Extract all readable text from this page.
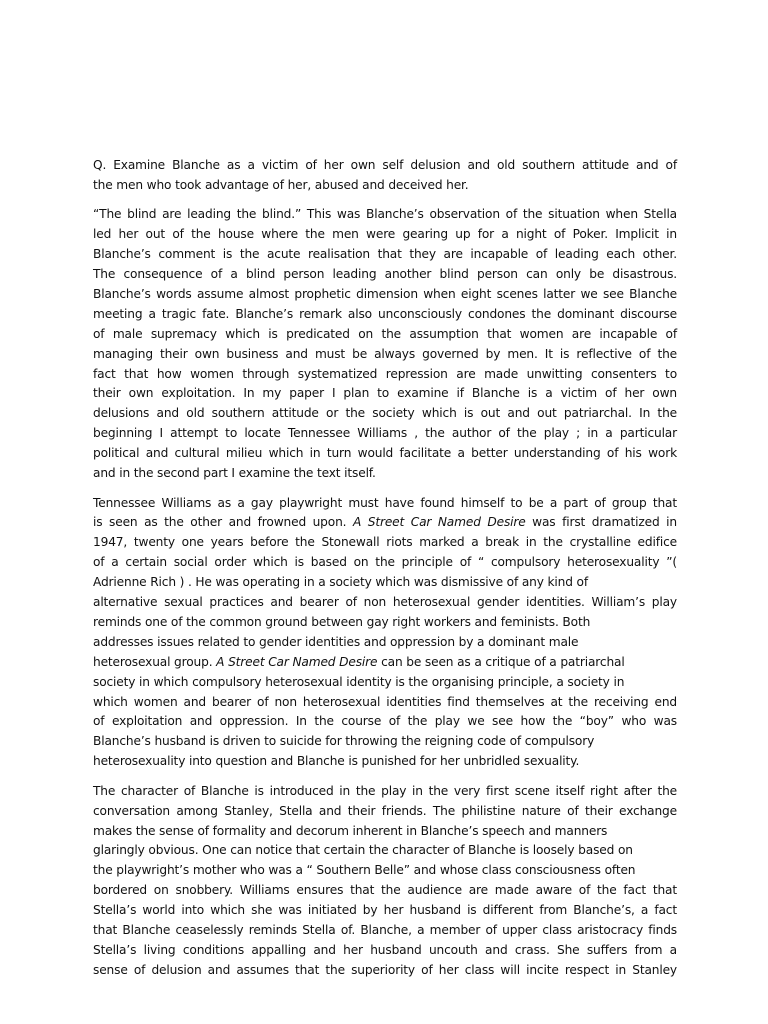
Q. Examine Blanche as a victim of her own self delusion and old southern attitude and of
the men who took advantage of her, abused and deceived her.
“The blind are leading the blind.” This was Blanche’s observation of the situation when Stella
led her out of the house where the men were gearing up for a night of Poker. Implicit in
Blanche’s comment is the acute realisation that they are incapable of leading each other.
The consequence of a blind person leading another blind person can only be disastrous.
Blanche’s words assume almost prophetic dimension when eight scenes latter we see Blanche
meeting a tragic fate. Blanche’s remark also unconsciously condones the dominant discourse
of male supremacy which is predicated on the assumption that women are incapable of
managing their own business and must be always governed by men. It is reflective of the
fact that how women through systematized repression are made unwitting consenters to
their own exploitation. In my paper I plan to examine if Blanche is a victim of her own
delusions and old southern attitude or the society which is out and out patriarchal. In the
beginning I attempt to locate Tennessee Williams , the author of the play ; in a particular
political and cultural milieu which in turn would facilitate a better understanding of his work
and in the second part I examine the text itself.
Tennessee Williams as a gay playwright must have found himself to be a part of group that
is seen as the other and frowned upon. A Street Car Named Desire was first dramatized in
1947, twenty one years before the Stonewall riots marked a break in the crystalline edifice
of a certain social order which is based on the principle of “ compulsory heterosexuality ”(
Adrienne Rich ) . He was operating in a society which was dismissive of any kind of
alternative sexual practices and bearer of non heterosexual gender identities. William’s play
reminds one of the common ground between gay right workers and feminists. Both
addresses issues related to gender identities and oppression by a dominant male
heterosexual group. A Street Car Named Desire can be seen as a critique of a patriarchal
society in which compulsory heterosexual identity is the organising principle, a society in
which women and bearer of non heterosexual identities find themselves at the receiving end
of exploitation and oppression. In the course of the play we see how the “boy” who was
Blanche’s husband is driven to suicide for throwing the reigning code of compulsory
heterosexuality into question and Blanche is punished for her unbridled sexuality.
The character of Blanche is introduced in the play in the very first scene itself right after the
conversation among Stanley, Stella and their friends. The philistine nature of their exchange
makes the sense of formality and decorum inherent in Blanche’s speech and manners
glaringly obvious. One can notice that certain the character of Blanche is loosely based on
the playwright’s mother who was a “ Southern Belle” and whose class consciousness often
bordered on snobbery. Williams ensures that the audience are made aware of the fact that
Stella’s world into which she was initiated by her husband is different from Blanche’s, a fact
that Blanche ceaselessly reminds Stella of. Blanche, a member of upper class aristocracy finds
Stella’s living conditions appalling and her husband uncouth and crass. She suffers from a
sense of delusion and assumes that the superiority of her class will incite respect in Stanley
